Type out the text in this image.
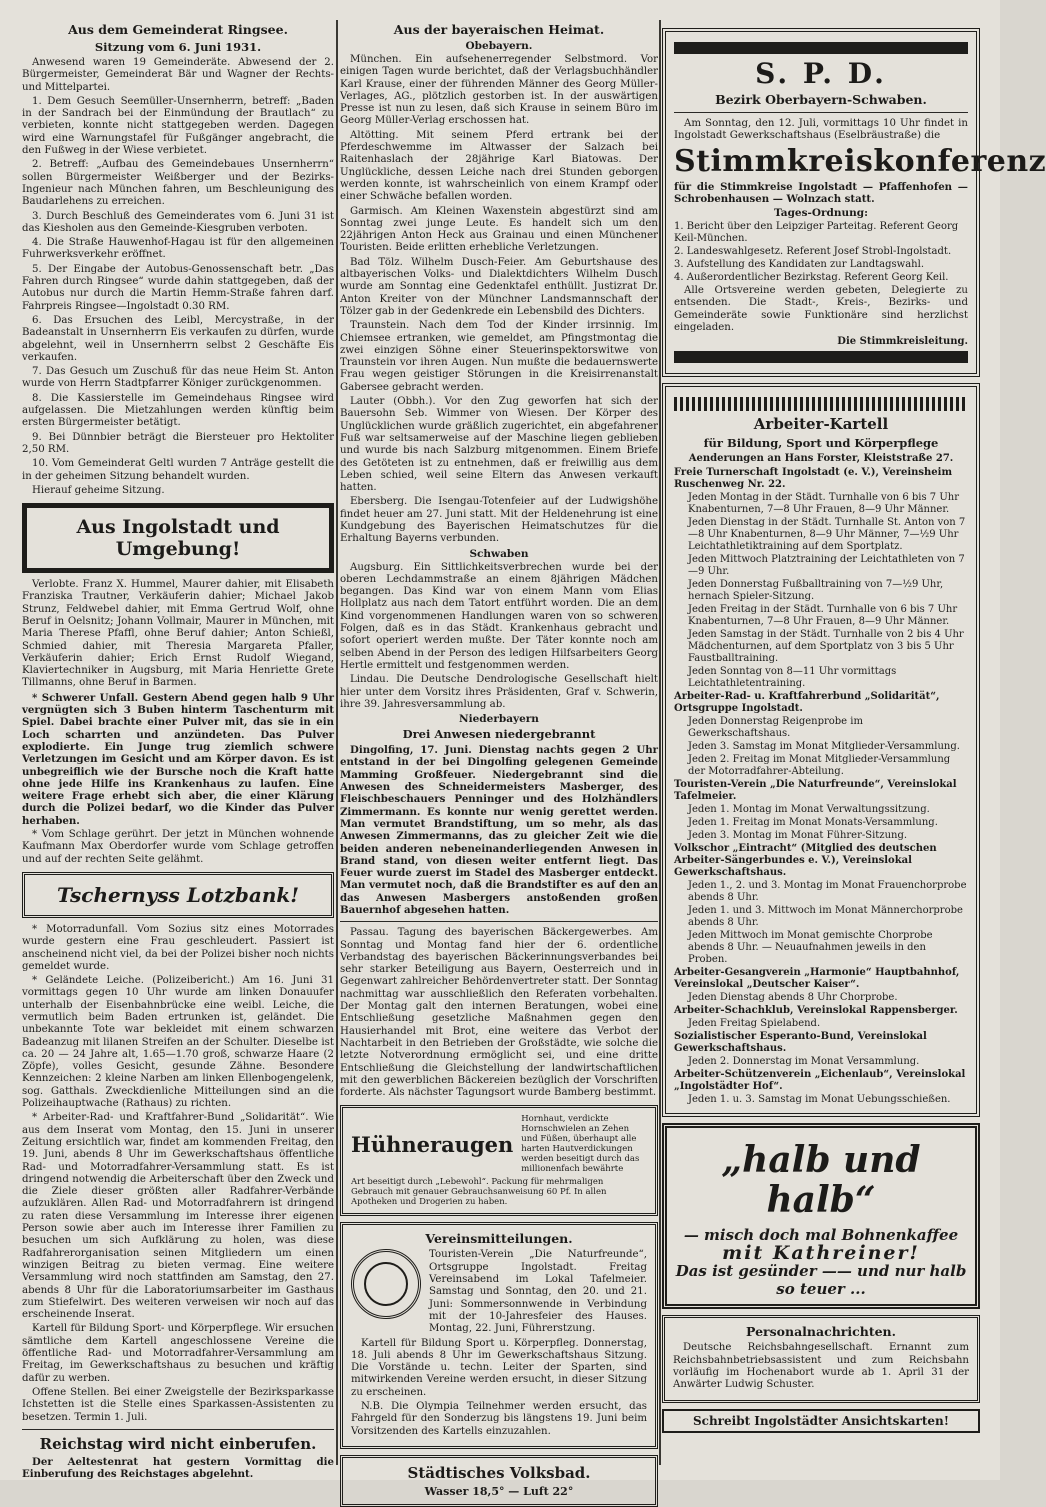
Aus dem Gemeinderat Ringsee.
Sitzung vom 6. Juni 1931.

Anwesend waren 19 Gemeinderäte. Abwesend der 2. Bürgermeister, Gemeinderat Bär und Wagner der Rechts- und Mittelpartei.

1. Dem Gesuch Seemüller-Unsernherrn, betreff: „Baden in der Sandrach bei der Einmündung der Brautlach“ zu verbieten, konnte nicht stattgegeben werden. Dagegen wird eine Warnungstafel für Fußgänger angebracht, die den Fußweg in der Wiese verbietet.

2. Betreff: „Aufbau des Gemeindebaues Unsernherrn“ sollen Bürgermeister Weißberger und der Bezirks-Ingenieur nach München fahren, um Beschleunigung des Baudarlehens zu erreichen.

3. Durch Beschluß des Gemeinderates vom 6. Juni 31 ist das Kiesholen aus den Gemeinde-Kiesgruben verboten.

4. Die Straße Hauwenhof-Hagau ist für den allgemeinen Fuhrwerksverkehr eröffnet.

5. Der Eingabe der Autobus-Genossenschaft betr. „Das Fahren durch Ringsee“ wurde dahin stattgegeben, daß der Autobus nur durch die Martin Hemm-Straße fahren darf. Fahrpreis Ringsee—Ingolstadt 0.30 RM.

6. Das Ersuchen des Leibl, Mercystraße, in der Badeanstalt in Unsernherrn Eis verkaufen zu dürfen, wurde abgelehnt, weil in Unsernherrn selbst 2 Geschäfte Eis verkaufen.

7. Das Gesuch um Zuschuß für das neue Heim St. Anton wurde von Herrn Stadtpfarrer Königer zurückgenommen.

8. Die Kassierstelle im Gemeindehaus Ringsee wird aufgelassen. Die Mietzahlungen werden künftig beim ersten Bürgermeister betätigt.

9. Bei Dünnbier beträgt die Biersteuer pro Hektoliter 2,50 RM.

10. Vom Gemeinderat Geltl wurden 7 Anträge gestellt die in der geheimen Sitzung behandelt wurden.

Hierauf geheime Sitzung.

Aus Ingolstadt und Umgebung!

Verlobte. Franz X. Hummel, Maurer dahier, mit Elisabeth Franziska Trautner, Verkäuferin dahier; Michael Jakob Strunz, Feldwebel dahier, mit Emma Gertrud Wolf, ohne Beruf in Oelsnitz; Johann Vollmair, Maurer in München, mit Maria Therese Pfaffl, ohne Beruf dahier; Anton Schießl, Schmied dahier, mit Theresia Margareta Pfaller, Verkäuferin dahier; Erich Ernst Rudolf Wiegand, Klaviertechniker in Augsburg, mit Maria Henriette Grete Tillmanns, ohne Beruf in Barmen.

* Schwerer Unfall. Gestern Abend gegen halb 9 Uhr vergnügten sich 3 Buben hinterm Taschenturm mit Spiel. Dabei brachte einer Pulver mit, das sie in ein Loch scharrten und anzündeten. Das Pulver explodierte. Ein Junge trug ziemlich schwere Verletzungen im Gesicht und am Körper davon. Es ist unbegreiflich wie der Bursche noch die Kraft hatte ohne jede Hilfe ins Krankenhaus zu laufen. Eine weitere Frage erhebt sich aber, die einer Klärung durch die Polizei bedarf, wo die Kinder das Pulver herhaben.

* Vom Schlage gerührt. Der jetzt in München wohnende Kaufmann Max Oberdorfer wurde vom Schlage getroffen und auf der rechten Seite gelähmt.

Tschernyss Lotzbank!

* Motorradunfall. Vom Sozius sitz eines Motorrades wurde gestern eine Frau geschleudert. Passiert ist anscheinend nicht viel, da bei der Polizei bisher noch nichts gemeldet wurde.

* Geländete Leiche. (Polizeibericht.) Am 16. Juni 31 vormittags gegen 10 Uhr wurde am linken Donauufer unterhalb der Eisenbahnbrücke eine weibl. Leiche, die vermutlich beim Baden ertrunken ist, geländet. Die unbekannte Tote war bekleidet mit einem schwarzen Badeanzug mit lilanen Streifen an der Schulter. Dieselbe ist ca. 20 — 24 Jahre alt, 1.65—1.70 groß, schwarze Haare (2 Zöpfe), volles Gesicht, gesunde Zähne. Besondere Kennzeichen: 2 kleine Narben am linken Ellenbogengelenk, sog. Gatthals. Zweckdienliche Mitteilungen sind an die Polizeihauptwache (Rathaus) zu richten.

* Arbeiter-Rad- und Kraftfahrer-Bund „Solidarität“. Wie aus dem Inserat vom Montag, den 15. Juni in unserer Zeitung ersichtlich war, findet am kommenden Freitag, den 19. Juni, abends 8 Uhr im Gewerkschaftshaus öffentliche Rad- und Motorradfahrer-Versammlung statt. Es ist dringend notwendig die Arbeiterschaft über den Zweck und die Ziele dieser größten aller Radfahrer-Verbände aufzuklären. Allen Rad- und Motorradfahrern ist dringend zu raten diese Versammlung im Interesse ihrer eigenen Person sowie aber auch im Interesse ihrer Familien zu besuchen um sich Aufklärung zu holen, was diese Radfahrerorganisation seinen Mitgliedern um einen winzigen Beitrag zu bieten vermag. Eine weitere Versammlung wird noch stattfinden am Samstag, den 27. abends 8 Uhr für die Laboratoriumsarbeiter im Gasthaus zum Stiefelwirt. Des weiteren verweisen wir noch auf das erscheinende Inserat.

Kartell für Bildung Sport- und Körperpflege. Wir ersuchen sämtliche dem Kartell angeschlossene Vereine die öffentliche Rad- und Motorradfahrer-Versammlung am Freitag, im Gewerkschaftshaus zu besuchen und kräftig dafür zu werben.

Offene Stellen. Bei einer Zweigstelle der Bezirksparkasse Ichstetten ist die Stelle eines Sparkassen-Assistenten zu besetzen. Termin 1. Juli.

Reichstag wird nicht einberufen.

Der Aeltestenrat hat gestern Vormittag die Einberufung des Reichstages abgelehnt.

Aus der bayeraischen Heimat.
Obebayern.

München. Ein aufsehenerregender Selbstmord. Vor einigen Tagen wurde berichtet, daß der Verlagsbuchhändler Karl Krause, einer der führenden Männer des Georg Müller-Verlages, AG., plötzlich gestorben ist. In der auswärtigen Presse ist nun zu lesen, daß sich Krause in seinem Büro im Georg Müller-Verlag erschossen hat.

Altötting. Mit seinem Pferd ertrank bei der Pferdeschwemme im Altwasser der Salzach bei Raitenhaslach der 28jährige Karl Biatowas. Der Unglückliche, dessen Leiche nach drei Stunden geborgen werden konnte, ist wahrscheinlich von einem Krampf oder einer Schwäche befallen worden.

Garmisch. Am Kleinen Waxenstein abgestürzt sind am Sonntag zwei junge Leute. Es handelt sich um den 22jährigen Anton Heck aus Grainau und einen Münchener Touristen. Beide erlitten erhebliche Verletzungen.

Bad Tölz. Wilhelm Dusch-Feier. Am Geburtshause des altbayerischen Volks- und Dialektdichters Wilhelm Dusch wurde am Sonntag eine Gedenktafel enthüllt. Justizrat Dr. Anton Kreiter von der Münchner Landsmannschaft der Tölzer gab in der Gedenkrede ein Lebensbild des Dichters.

Traunstein. Nach dem Tod der Kinder irrsinnig. Im Chiemsee ertranken, wie gemeldet, am Pfingstmontag die zwei einzigen Söhne einer Steuerinspektorswitwe von Traunstein vor ihren Augen. Nun mußte die bedauernswerte Frau wegen geistiger Störungen in die Kreisirrenanstalt Gabersee gebracht werden.

Lauter (Obbh.). Vor den Zug geworfen hat sich der Bauersohn Seb. Wimmer von Wiesen. Der Körper des Unglücklichen wurde gräßlich zugerichtet, ein abgefahrener Fuß war seltsamerweise auf der Maschine liegen geblieben und wurde bis nach Salzburg mitgenommen. Einem Briefe des Getöteten ist zu entnehmen, daß er freiwillig aus dem Leben schied, weil seine Eltern das Anwesen verkauft hatten.

Ebersberg. Die Isengau-Totenfeier auf der Ludwigshöhe findet heuer am 27. Juni statt. Mit der Heldenehrung ist eine Kundgebung des Bayerischen Heimatschutzes für die Erhaltung Bayerns verbunden.

Schwaben

Augsburg. Ein Sittlichkeitsverbrechen wurde bei der oberen Lechdammstraße an einem 8jährigen Mädchen begangen. Das Kind war von einem Mann vom Elias Hollplatz aus nach dem Tatort entführt worden. Die an dem Kind vorgenommenen Handlungen waren von so schweren Folgen, daß es in das Städt. Krankenhaus gebracht und sofort operiert werden mußte. Der Täter konnte noch am selben Abend in der Person des ledigen Hilfsarbeiters Georg Hertle ermittelt und festgenommen werden.

Lindau. Die Deutsche Dendrologische Gesellschaft hielt hier unter dem Vorsitz ihres Präsidenten, Graf v. Schwerin, ihre 39. Jahresversammlung ab.

Niederbayern
Drei Anwesen niedergebrannt

Dingolfing, 17. Juni. Dienstag nachts gegen 2 Uhr entstand in der bei Dingolfing gelegenen Gemeinde Mamming Großfeuer. Niedergebrannt sind die Anwesen des Schneidermeisters Masberger, des Fleischbeschauers Penninger und des Holzhändlers Zimmermann. Es konnte nur wenig gerettet werden. Man vermutet Brandstiftung, um so mehr, als das Anwesen Zimmermanns, das zu gleicher Zeit wie die beiden anderen nebeneinanderliegenden Anwesen in Brand stand, von diesen weiter entfernt liegt. Das Feuer wurde zuerst im Stadel des Masberger entdeckt. Man vermutet noch, daß die Brandstifter es auf den an das Anwesen Masbergers anstoßenden großen Bauernhof abgesehen hatten.

Passau. Tagung des bayerischen Bäckergewerbes. Am Sonntag und Montag fand hier der 6. ordentliche Verbandstag des bayerischen Bäckerinnungsverbandes bei sehr starker Beteiligung aus Bayern, Oesterreich und in Gegenwart zahlreicher Behördenvertreter statt. Der Sonntag nachmittag war ausschließlich den Referaten vorbehalten. Der Montag galt den internen Beratungen, wobei eine Entschließung gesetzliche Maßnahmen gegen den Hausierhandel mit Brot, eine weitere das Verbot der Nachtarbeit in den Betrieben der Großstädte, wie solche die letzte Notverordnung ermöglicht sei, und eine dritte Entschließung die Gleichstellung der landwirtschaftlichen mit den gewerblichen Bäckereien bezüglich der Vorschriften forderte. Als nächster Tagungsort wurde Bamberg bestimmt.

Hühneraugen
Hornhaut, verdickte Hornschwielen an Zehen und Füßen, überhaupt alle harten Hautverdickungen werden beseitigt durch das millionenfach bewährte
Art beseitigt durch „Lebewohl“. Packung für mehrmaligen Gebrauch mit genauer Gebrauchsanweisung 60 Pf. In allen Apotheken und Drogerien zu haben.
Vereinsmitteilungen.

Touristen-Verein „Die Naturfreunde“, Ortsgruppe Ingolstadt. Freitag Vereinsabend im Lokal Tafelmeier. Samstag und Sonntag, den 20. und 21. Juni: Sommersonnwende in Verbindung mit der 10-Jahresfeier des Hauses. Montag, 22. Juni, Führerstzung.

Kartell für Bildung Sport u. Körperpfleg. Donnerstag, 18. Juli abends 8 Uhr im Gewerkschaftshaus Sitzung. Die Vorstände u. techn. Leiter der Sparten, sind mitwirkenden Vereine werden ersucht, in dieser Sitzung zu erscheinen.

N.B. Die Olympia Teilnehmer werden ersucht, das Fahrgeld für den Sonderzug bis längstens 19. Juni beim Vorsitzenden des Kartells einzuzahlen.

Städtisches Volksbad.
Wasser 18,5° — Luft 22°
S. P. D.
Bezirk Oberbayern-Schwaben.

Am Sonntag, den 12. Juli, vormittags 10 Uhr findet in Ingolstadt Gewerkschaftshaus (Eselbräustraße) die

Stimmkreiskonferenz

für die Stimmkreise Ingolstadt — Pfaffenhofen — Schrobenhausen — Wolnzach statt.

Tages-Ordnung:
1. Bericht über den Leipziger Parteitag. Referent Georg Keil-München.
2. Landeswahlgesetz. Referent Josef Strobl-Ingolstadt.
3. Aufstellung des Kandidaten zur Landtagswahl.
4. Außerordentlicher Bezirkstag. Referent Georg Keil.

Alle Ortsvereine werden gebeten, Delegierte zu entsenden. Die Stadt-, Kreis-, Bezirks- und Gemeinderäte sowie Funktionäre sind herzlichst eingeladen.

Die Stimmkreisleitung.
Arbeiter-Kartell
für Bildung, Sport und Körperpflege
Aenderungen an Hans Forster, Kleiststraße 27.
Freie Turnerschaft Ingolstadt (e. V.), Vereinsheim Ruschenweg Nr. 22.
Jeden Montag in der Städt. Turnhalle von 6 bis 7 Uhr Knabenturnen, 7—8 Uhr Frauen, 8—9 Uhr Männer.
Jeden Dienstag in der Städt. Turnhalle St. Anton von 7—8 Uhr Knabenturnen, 8—9 Uhr Männer, 7—½9 Uhr Leichtathletiktraining auf dem Sportplatz.
Jeden Mittwoch Platztraining der Leichtathleten von 7—9 Uhr.
Jeden Donnerstag Fußballtraining von 7—½9 Uhr, hernach Spieler-Sitzung.
Jeden Freitag in der Städt. Turnhalle von 6 bis 7 Uhr Knabenturnen, 7—8 Uhr Frauen, 8—9 Uhr Männer.
Jeden Samstag in der Städt. Turnhalle von 2 bis 4 Uhr Mädchenturnen, auf dem Sportplatz von 3 bis 5 Uhr Faustballtraining.
Jeden Sonntag von 8—11 Uhr vormittags Leichtathletentraining.
Arbeiter-Rad- u. Kraftfahrerbund „Solidarität“, Ortsgruppe Ingolstadt.
Jeden Donnerstag Reigenprobe im Gewerkschaftshaus.
Jeden 3. Samstag im Monat Mitglieder-Versammlung.
Jeden 2. Freitag im Monat Mitglieder-Versammlung der Motorradfahrer-Abteilung.
Touristen-Verein „Die Naturfreunde“, Vereinslokal Tafelmeier.
Jeden 1. Montag im Monat Verwaltungssitzung.
Jeden 1. Freitag im Monat Monats-Versammlung.
Jeden 3. Montag im Monat Führer-Sitzung.
Volkschor „Eintracht“ (Mitglied des deutschen Arbeiter-Sängerbundes e. V.), Vereinslokal Gewerkschaftshaus.
Jeden 1., 2. und 3. Montag im Monat Frauenchorprobe abends 8 Uhr.
Jeden 1. und 3. Mittwoch im Monat Männerchorprobe abends 8 Uhr.
Jeden Mittwoch im Monat gemischte Chorprobe abends 8 Uhr. — Neuaufnahmen jeweils in den Proben.
Arbeiter-Gesangverein „Harmonie“ Hauptbahnhof, Vereinslokal „Deutscher Kaiser“.
Jeden Dienstag abends 8 Uhr Chorprobe.
Arbeiter-Schachklub, Vereinslokal Rappensberger.
Jeden Freitag Spielabend.
Sozialistischer Esperanto-Bund, Vereinslokal Gewerkschaftshaus.
Jeden 2. Donnerstag im Monat Versammlung.
Arbeiter-Schützenverein „Eichenlaub“, Vereinslokal „Ingolstädter Hof“.
Jeden 1. u. 3. Samstag im Monat Uebungsschießen.
„halb und halb“
— misch doch mal Bohnenkaffee
mit Kathreiner!
Das ist gesünder —— und nur halb so teuer ...
Personalnachrichten.

Deutsche Reichsbahngesellschaft. Ernannt zum Reichsbahnbetriebsassistent und zum Reichsbahn vorläufig im Hochenabort wurde ab 1. April 31 der Anwärter Ludwig Schuster.

Schreibt Ingolstädter Ansichtskarten!
